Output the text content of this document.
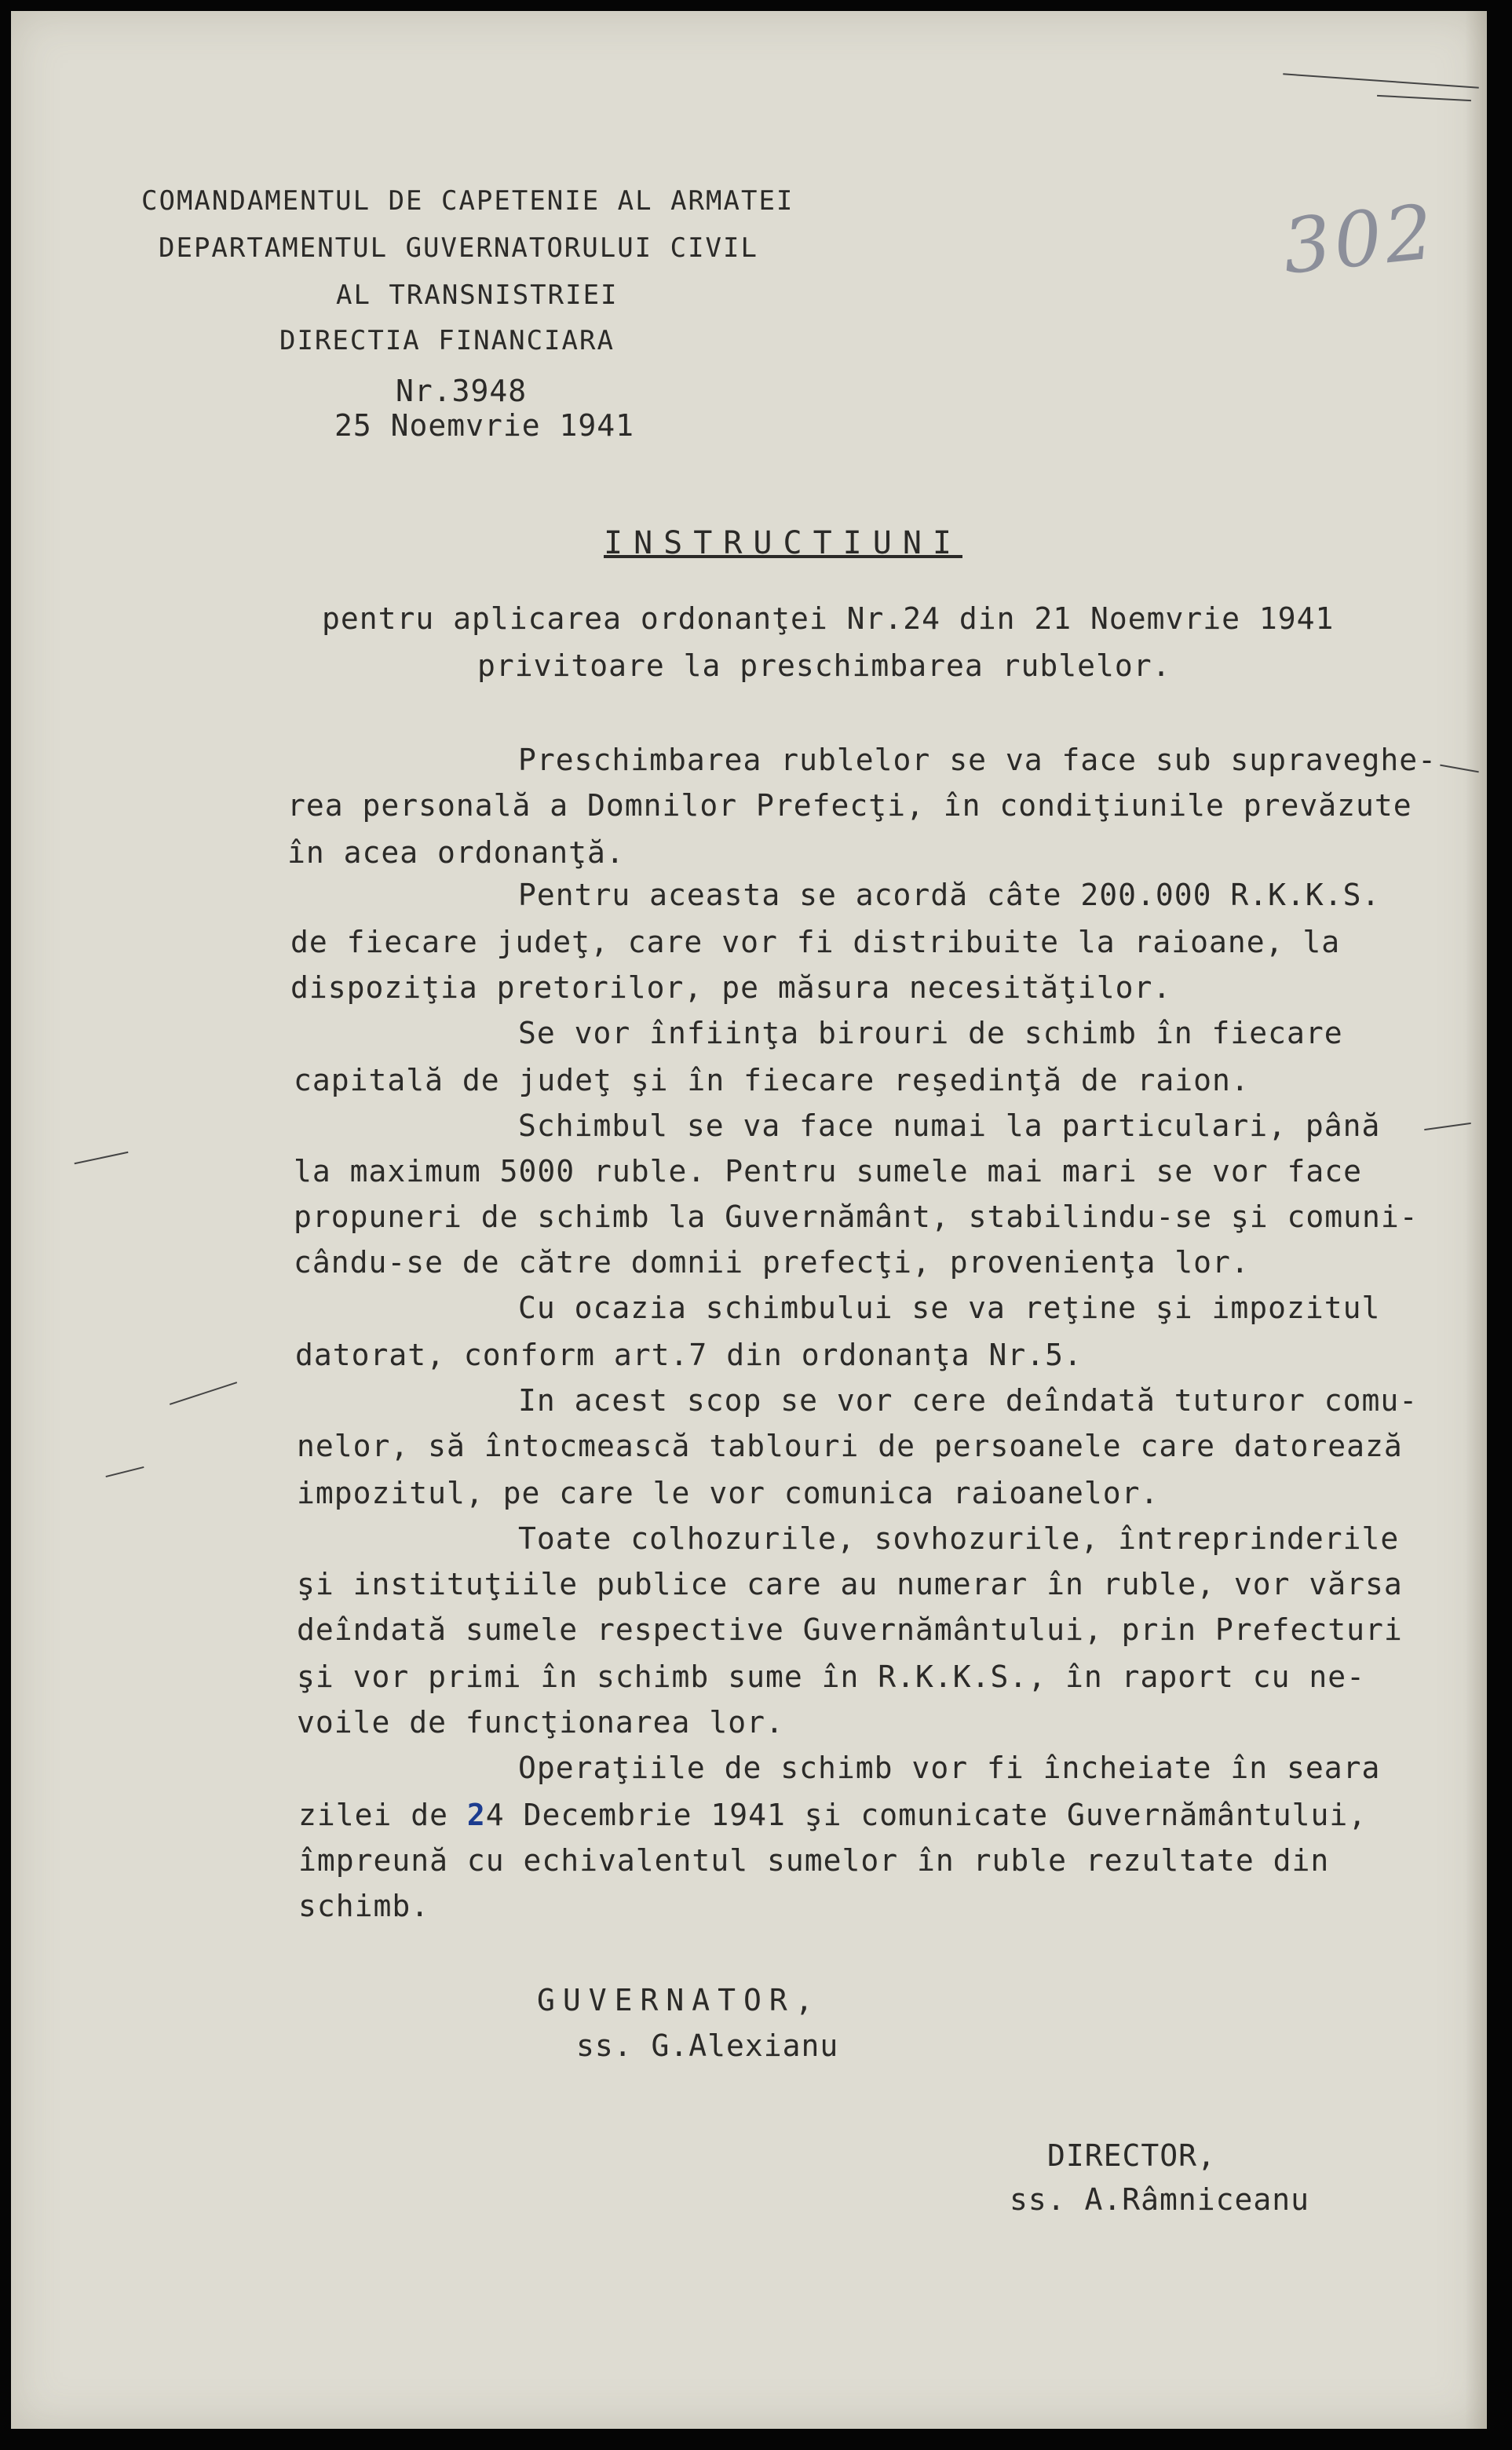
COMANDAMENTUL DE CAPETENIE AL ARMATEI
DEPARTAMENTUL GUVERNATORULUI CIVIL
AL TRANSNISTRIEI
DIRECTIA FINANCIARA
Nr.3948
25 Noemvrie 1941
302
INSTRUCTIUNI
pentru aplicarea ordonanţei Nr.24 din 21 Noemvrie 1941
privitoare la preschimbarea rublelor.
Preschimbarea rublelor se va face sub supraveghe-
rea personală a Domnilor Prefecţi, în condiţiunile prevăzute
în acea ordonanţă.
Pentru aceasta se acordă câte 200.000 R.K.K.S.
de fiecare judeţ, care vor fi distribuite la raioane, la
dispoziţia pretorilor, pe măsura necesităţilor.
Se vor înfiinţa birouri de schimb în fiecare
capitală de judeţ şi în fiecare reşedinţă de raion.
Schimbul se va face numai la particulari, până
la maximum 5000 ruble. Pentru sumele mai mari se vor face
propuneri de schimb la Guvernământ, stabilindu-se şi comuni-
cându-se de către domnii prefecţi, provenienţa lor.
Cu ocazia schimbului se va reţine şi impozitul
datorat, conform art.7 din ordonanţa Nr.5.
In acest scop se vor cere deîndată tuturor comu-
nelor, să întocmească tablouri de persoanele care datorează
impozitul, pe care le vor comunica raioanelor.
Toate colhozurile, sovhozurile, întreprinderile
şi instituţiile publice care au numerar în ruble, vor vărsa
deîndată sumele respective Guvernământului, prin Prefecturi
şi vor primi în schimb sume în R.K.K.S., în raport cu ne-
voile de funcţionarea lor.
Operaţiile de schimb vor fi încheiate în seara
zilei de 24 Decembrie 1941 şi comunicate Guvernământului,
împreună cu echivalentul sumelor în ruble rezultate din
schimb.
GUVERNATOR,
ss. G.Alexianu
DIRECTOR,
ss. A.Râmniceanu
